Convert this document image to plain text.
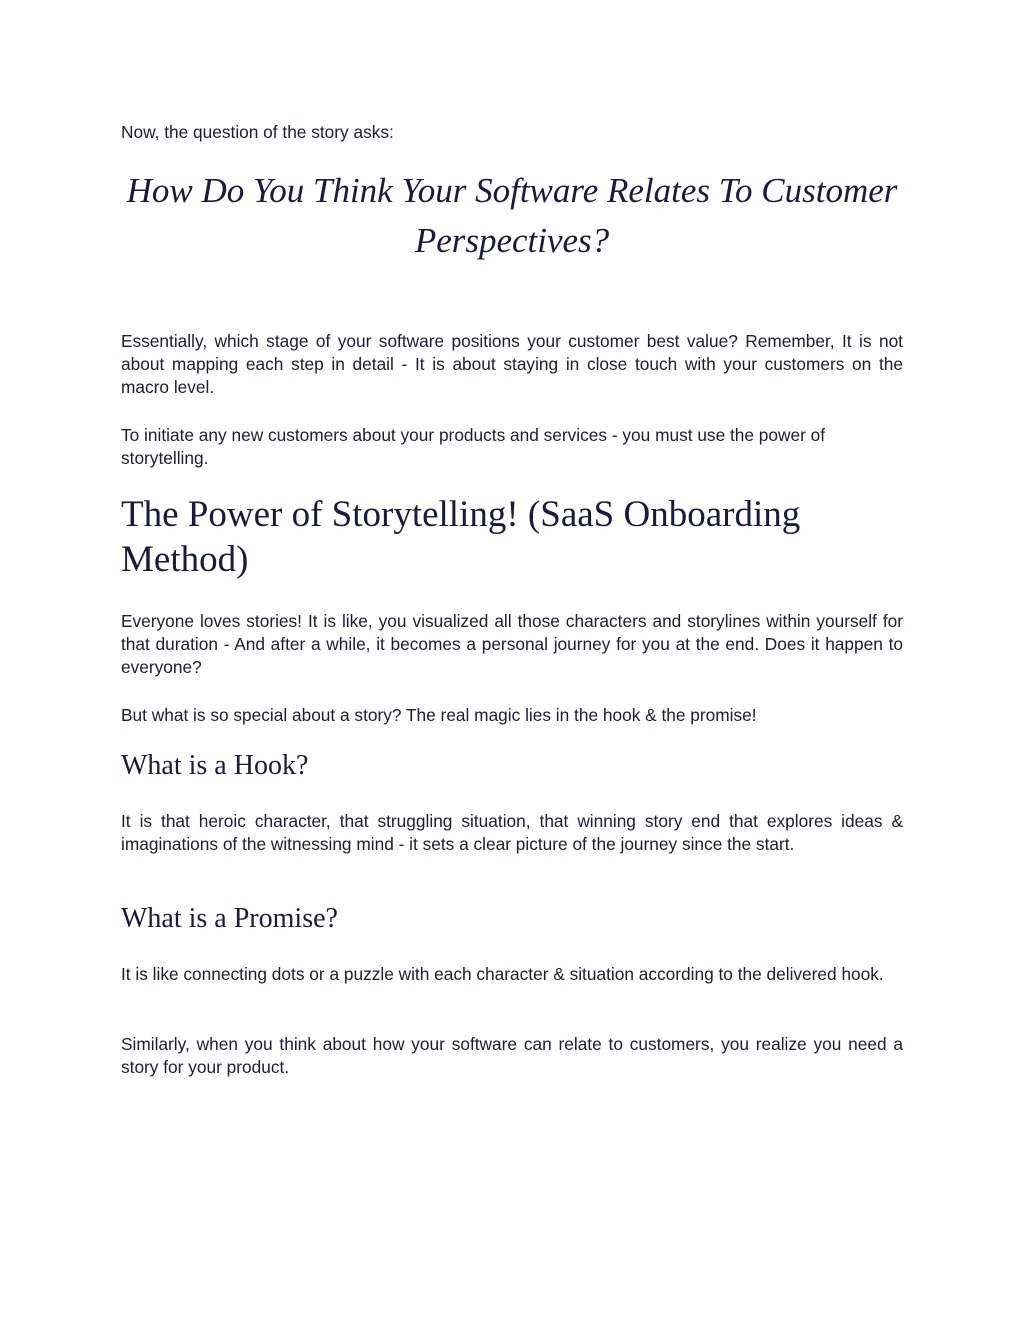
Now, the question of the story asks:

How Do You Think Your Software Relates To Customer Perspectives?

Essentially, which stage of your software positions your customer best value? Remember, It is not about mapping each step in detail - It is about staying in close touch with your customers on the macro level.

To initiate any new customers about your products and services - you must use the power of storytelling.

The Power of Storytelling! (SaaS Onboarding Method)

Everyone loves stories! It is like, you visualized all those characters and storylines within yourself for that duration - And after a while, it becomes a personal journey for you at the end. Does it happen to everyone?

But what is so special about a story? The real magic lies in the hook & the promise!

What is a Hook?

It is that heroic character, that struggling situation, that winning story end that explores ideas & imaginations of the witnessing mind - it sets a clear picture of the journey since the start.

What is a Promise?

It is like connecting dots or a puzzle with each character & situation according to the delivered hook.

Similarly, when you think about how your software can relate to customers, you realize you need a story for your product.
